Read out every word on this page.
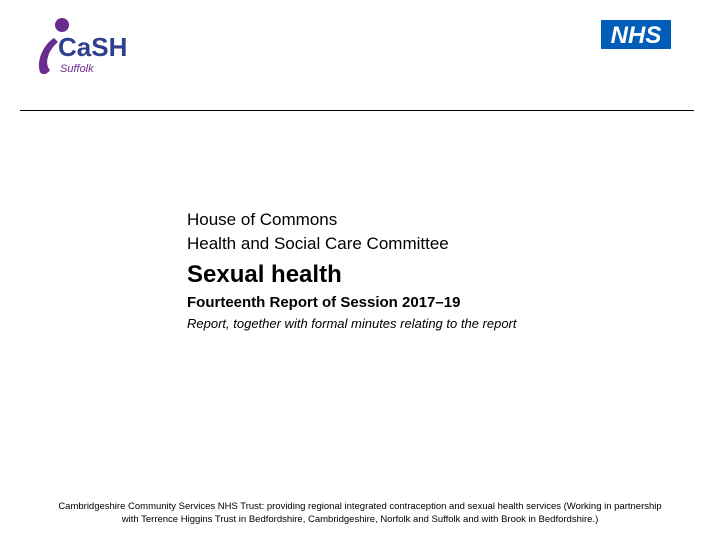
CaSH
Suffolk
NHS

House of Commons

Health and Social Care Committee

Sexual health
Fourteenth Report of Session 2017–19

Report, together with formal minutes relating to the report

Cambridgeshire Community Services NHS Trust: providing regional integrated contraception and sexual health services (Working in partnership
with Terrence Higgins Trust in Bedfordshire, Cambridgeshire, Norfolk and Suffolk and with Brook in Bedfordshire.)
